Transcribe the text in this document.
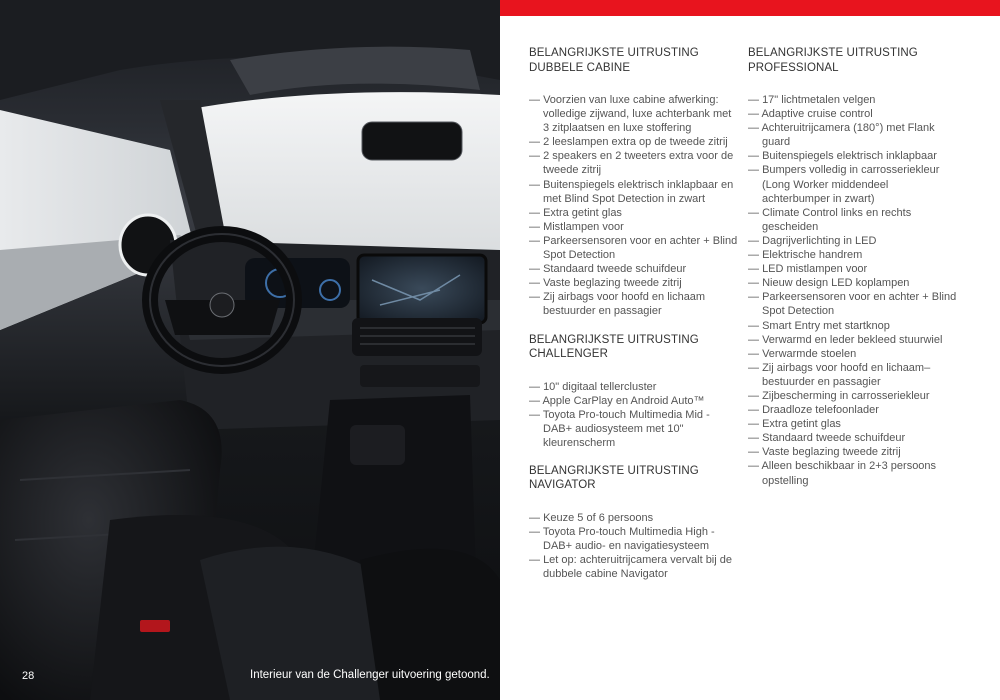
28	Interieur van de Challenger uitvoering getoond.
BELANGRIJKSTE UITRUSTING
DUBBELE CABINE
— Voorzien van luxe cabine afwerking: volledige zijwand, luxe achterbank met 3 zitplaatsen en luxe stoffering
— 2 leeslampen extra op de tweede zitrij
— 2 speakers en 2 tweeters extra voor de tweede zitrij
— Buitenspiegels elektrisch inklapbaar en met Blind Spot Detection in zwart
— Extra getint glas
— Mistlampen voor
— Parkeersensoren voor en achter + Blind Spot Detection
— Standaard tweede schuifdeur
— Vaste beglazing tweede zitrij
— Zij airbags voor hoofd en lichaam bestuurder en passagier
BELANGRIJKSTE UITRUSTING
CHALLENGER
— 10" digitaal tellercluster
— Apple CarPlay en Android Auto™
— Toyota Pro-touch Multimedia Mid - DAB+ audiosysteem met 10" kleurenscherm
BELANGRIJKSTE UITRUSTING
NAVIGATOR
— Keuze 5 of 6 persoons
— Toyota Pro-touch Multimedia High - DAB+ audio- en navigatiesysteem
— Let op: achteruitrijcamera vervalt bij de dubbele cabine Navigator
BELANGRIJKSTE UITRUSTING
PROFESSIONAL
— 17" lichtmetalen velgen
— Adaptive cruise control
— Achteruitrijcamera (180°) met Flank guard
— Buitenspiegels elektrisch inklapbaar
— Bumpers volledig in carrosseriekleur (Long Worker middendeel achterbumper in zwart)
— Climate Control links en rechts gescheiden
— Dagrijverlichting in LED
— Elektrische handrem
— LED mistlampen voor
— Nieuw design LED koplampen
— Parkeersensoren voor en achter + Blind Spot Detection
— Smart Entry met startknop
— Verwarmd en leder bekleed stuurwiel
— Verwarmde stoelen
— Zij airbags voor hoofd en lichaam– bestuurder en passagier
— Zijbescherming in carrosseriekleur
— Draadloze telefoonlader
— Extra getint glas
— Standaard tweede schuifdeur
— Vaste beglazing tweede zitrij
— Alleen beschikbaar in 2+3 persoons opstelling
